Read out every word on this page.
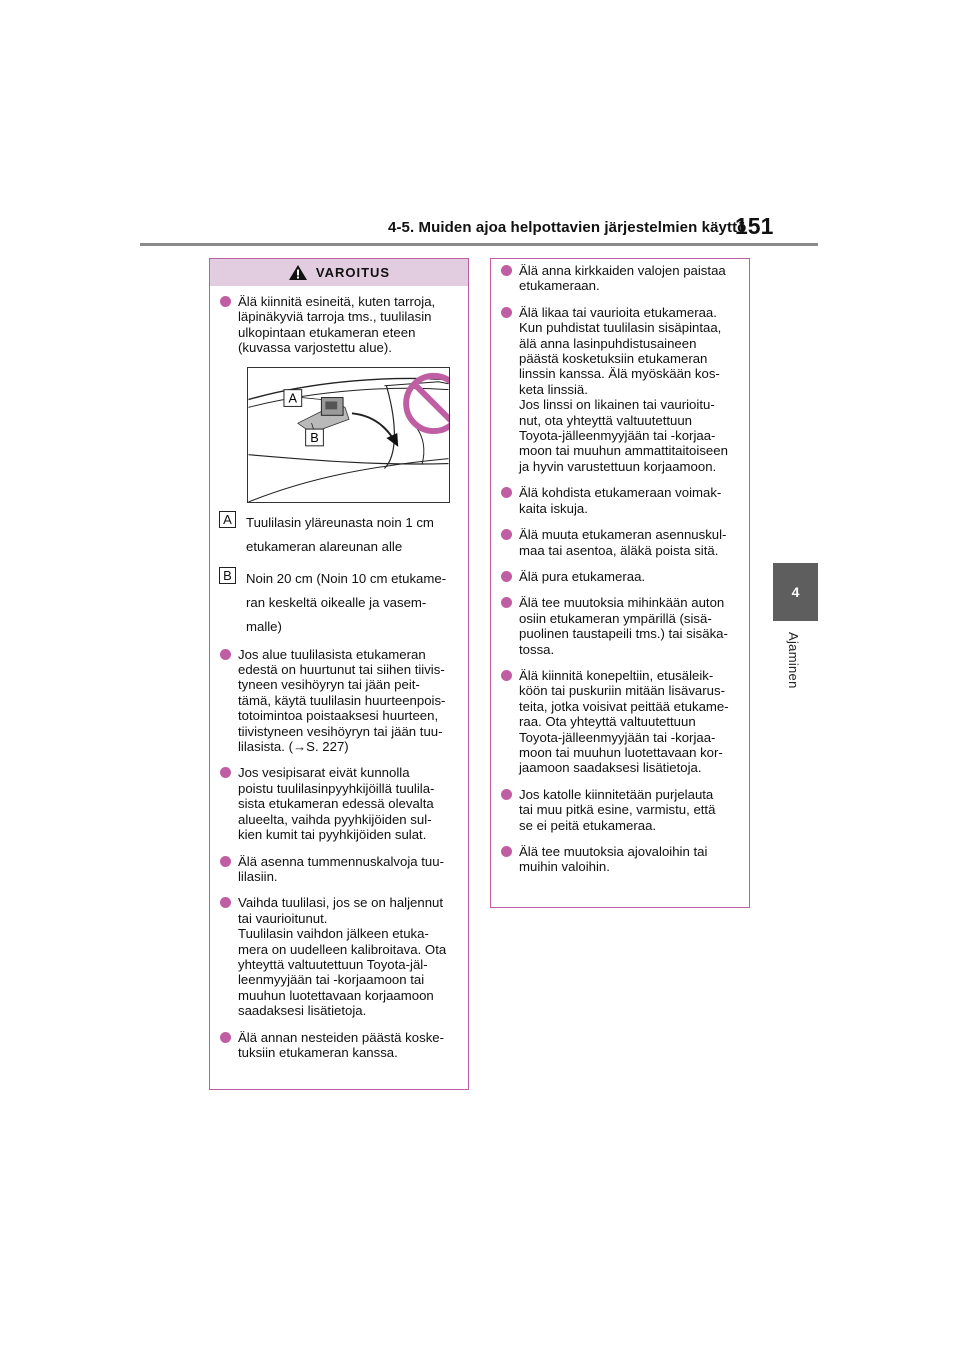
4-5. Muiden ajoa helpottavien järjestelmien käyttö
151
4
Ajaminen
VAROITUS

Älä kiinnitä esineitä, kuten tarroja, läpinäkyviä tarroja tms., tuulilasin ulkopintaan etukameran eteen (kuvassa varjostettu alue).

A
B
A	Tuulilasin yläreunasta noin 1 cm
etukameran alareunan alle
B	Noin 20 cm (Noin 10 cm etukame-
ran keskeltä oikealle ja vasem-
malle)

Jos alue tuulilasista etukameran
edestä on huurtunut tai siihen tiivis-
tyneen vesihöyryn tai jään peit-
tämä, käytä tuulilasin huurteenpois-
totoimintoa poistaaksesi huurteen,
tiivistyneen vesihöyryn tai jään tuu-
lilasista. (→S. 227)

Jos vesipisarat eivät kunnolla
poistu tuulilasinpyyhkijöillä tuulila-
sista etukameran edessä olevalta
alueelta, vaihda pyyhkijöiden sul-
kien kumit tai pyyhkijöiden sulat.

Älä asenna tummennuskalvoja tuu-
lilasiin.

Vaihda tuulilasi, jos se on haljennut
tai vaurioitunut.
Tuulilasin vaihdon jälkeen etuka-
mera on uudelleen kalibroitava. Ota
yhteyttä valtuutettuun Toyota-jäl-
leenmyyjään tai -korjaamoon tai
muuhun luotettavaan korjaamoon
saadaksesi lisätietoja.

Älä annan nesteiden päästä koske-
tuksiin etukameran kanssa.

Älä anna kirkkaiden valojen paistaa
etukameraan.

Älä likaa tai vaurioita etukameraa.
Kun puhdistat tuulilasin sisäpintaa,
älä anna lasinpuhdistusaineen
päästä kosketuksiin etukameran
linssin kanssa. Älä myöskään kos-
keta linssiä.
Jos linssi on likainen tai vaurioitu-
nut, ota yhteyttä valtuutettuun
Toyota-jälleenmyyjään tai -korjaa-
moon tai muuhun ammattitaitoiseen
ja hyvin varustettuun korjaamoon.

Älä kohdista etukameraan voimak-
kaita iskuja.

Älä muuta etukameran asennuskul-
maa tai asentoa, äläkä poista sitä.

Älä pura etukameraa.

Älä tee muutoksia mihinkään auton
osiin etukameran ympärillä (sisä-
puolinen taustapeili tms.) tai sisäka-
tossa.

Älä kiinnitä konepeltiin, etusäleik-
köön tai puskuriin mitään lisävarus-
teita, jotka voisivat peittää etukame-
raa. Ota yhteyttä valtuutettuun
Toyota-jälleenmyyjään tai -korjaa-
moon tai muuhun luotettavaan kor-
jaamoon saadaksesi lisätietoja.

Jos katolle kiinnitetään purjelauta
tai muu pitkä esine, varmistu, että
se ei peitä etukameraa.

Älä tee muutoksia ajovaloihin tai
muihin valoihin.
